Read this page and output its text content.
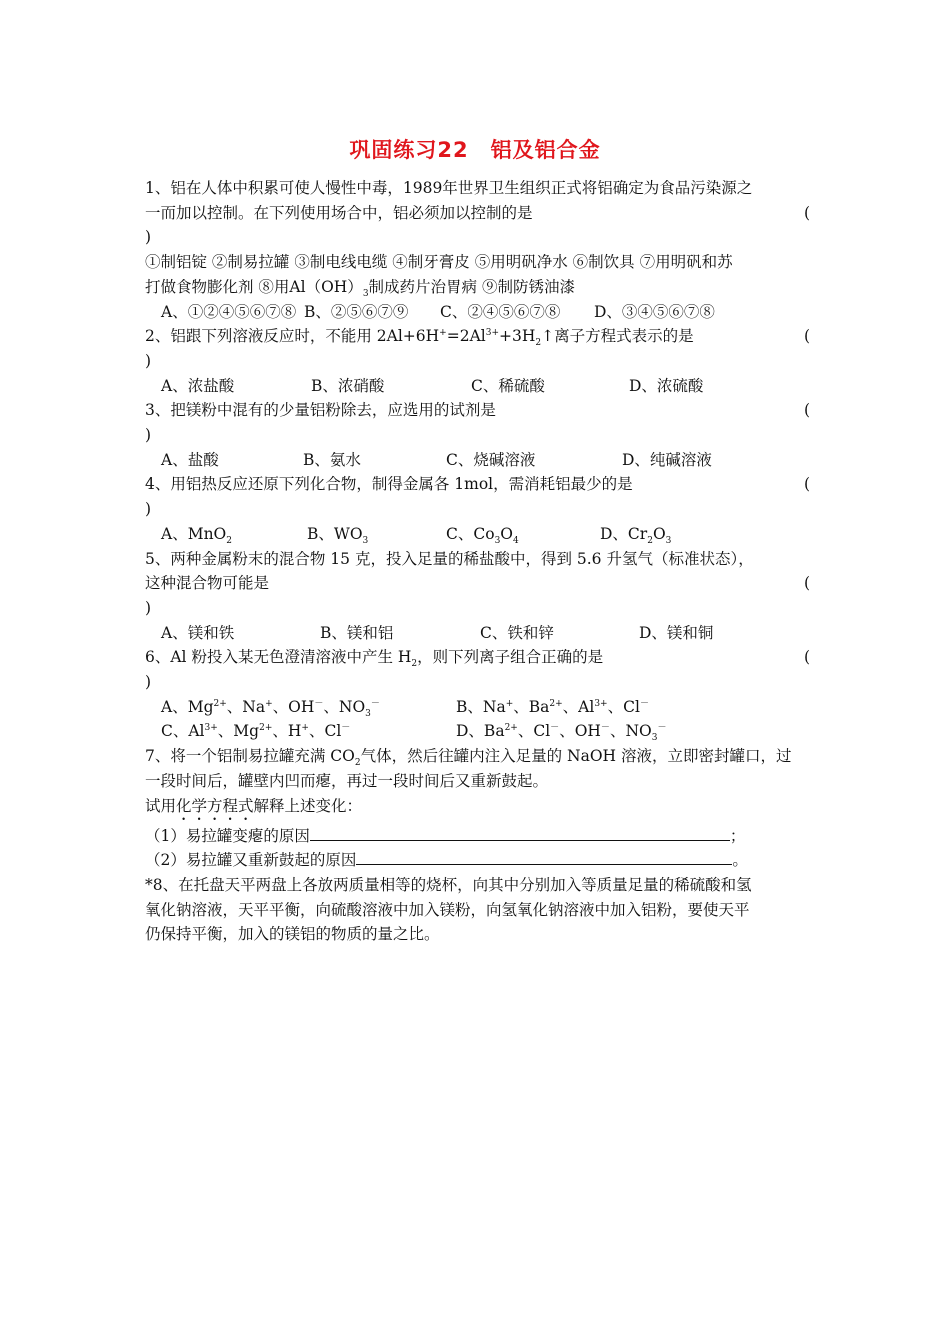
巩固练习22　铝及铝合金

1、铝在人体中积累可使人慢性中毒，1989年世界卫生组织正式将铝确定为食品污染源之

一而加以控制。在下列使用场合中，铝必须加以控制的是	(

)

①制铝锭 ②制易拉罐 ③制电线电缆 ④制牙膏皮 ⑤用明矾净水 ⑥制饮具 ⑦用明矾和苏

打做食物膨化剂 ⑧用$Al(OH)_3$制成药片治胃病 ⑨制防锈油漆

A、①②④⑤⑥⑦⑧ B、②⑤⑥⑦⑨	C、②④⑤⑥⑦⑧	D、③④⑤⑥⑦⑧

2、铝跟下列溶液反应时，不能用 $2Al+6H^+=2Al^{3+}+3H_2↑$离子方程式表示的是	(

)

A、浓盐酸	B、浓硝酸	C、稀硫酸	D、浓硫酸

3、把镁粉中混有的少量铝粉除去，应选用的试剂是	(

)

A、盐酸	B、氨水	C、烧碱溶液	D、纯碱溶液

4、用铝热反应还原下列化合物，制得金属各 1mol，需消耗铝最少的是	(

)

A、MnO$_2$	B、$WO_3$	C、$Co_3O_4$	D、$Cr_2O_3$

5、两种金属粉末的混合物 15 克，投入足量的稀盐酸中，得到 5.6 升氢气（标准状态），

这种混合物可能是	(

)

A、镁和铁	B、镁和铝	C、铁和锌	D、镁和铜

6、Al 粉投入某无色澄清溶液中产生 $H_2$，则下列离子组合正确的是	(

)

A、$Mg^{2+}$、Na+、OH－、$NO_3^-$	B、Na+、$Ba^{2+}$、$Al^{3+}$、Cl－
C、$Al^{3+}$、$Mg^{2+}$、H+、Cl－	D、$Ba^{2+}$、Cl－、OH－、$NO_3^-$

7、将一个铝制易拉罐充满 $CO_2$气体，然后往罐内注入足量的 NaOH 溶液，立即密封罐口，过

一段时间后，罐壁内凹而瘪，再过一段时间后又重新鼓起。

试用化学方程式解释上述变化：

（1）易拉罐变瘪的原因	；

（2）易拉罐又重新鼓起的原因	。

*8、在托盘天平两盘上各放两质量相等的烧杯，向其中分别加入等质量足量的稀硫酸和氢

氧化钠溶液，天平平衡，向硫酸溶液中加入镁粉，向氢氧化钠溶液中加入铝粉，要使天平

仍保持平衡，加入的镁铝的物质的量之比。
